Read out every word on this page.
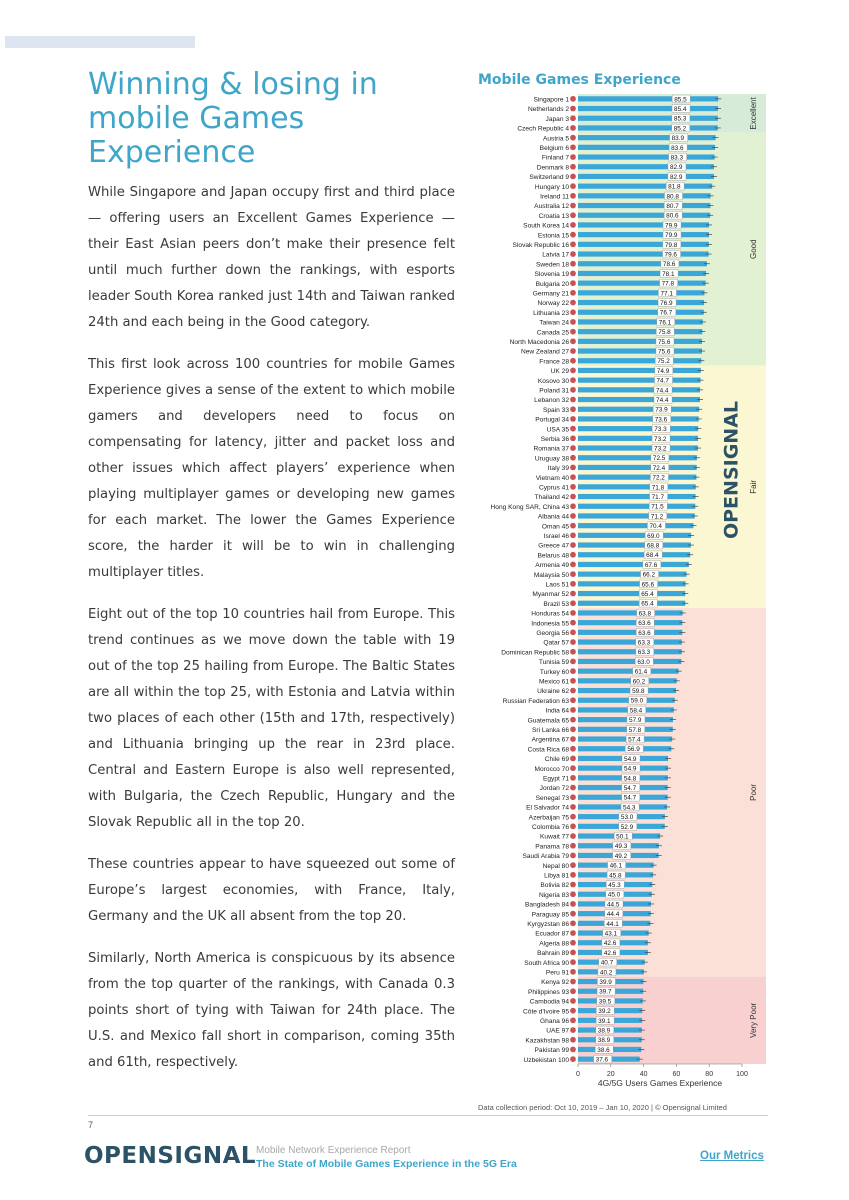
Winning & losing in mobile Games Experience

While Singapore and Japan occupy first and third place — offering users an Excellent Games Experience — their East Asian peers don’t make their presence felt until much further down the rankings, with esports leader South Korea ranked just 14th and Taiwan ranked 24th and each being in the Good category.

This first look across 100 countries for mobile Games Experience gives a sense of the extent to which mobile gamers and developers need to focus on compensating for latency, jitter and packet loss and other issues which affect players’ experience when playing multiplayer games or developing new games for each market. The lower the Games Experience score, the harder it will be to win in challenging multiplayer titles.

Eight out of the top 10 countries hail from Europe. This trend continues as we move down the table with 19 out of the top 25 hailing from Europe. The Baltic States are all within the top 25, with Estonia and Latvia within two places of each other (15th and 17th, respectively) and Lithuania bringing up the rear in 23rd place. Central and Eastern Europe is also well represented, with Bulgaria, the Czech Republic, Hungary and the Slovak Republic all in the top 20.

These countries appear to have squeezed out some of Europe’s largest economies, with France, Italy, Germany and the UK all absent from the top 20.

Similarly, North America is conspicuous by its absence from the top quarter of the rankings, with Canada 0.3 points short of tying with Taiwan for 24th place. The U.S. and Mexico fall short in comparison, coming 35th and 61th, respectively.

Mobile Games Experience
Excellent
Good
Fair
Poor
Very Poor
OPENSIGNAL
Singapore 1	85.5
Netherlands 2	85.4
Japan 3	85.3
Czech Republic 4	85.2
Austria 5	83.9
Belgium 6	83.6
Finland 7	83.3
Denmark 8	82.9
Switzerland 9	82.9
Hungary 10	81.8
Ireland 11	80.8
Australia 12	80.7
Croatia 13	80.6
South Korea 14	79.9
Estonia 15	79.9
Slovak Republic 16	79.8
Latvia 17	79.6
Sweden 18	78.6
Slovenia 19	78.1
Bulgaria 20	77.8
Germany 21	77.1
Norway 22	76.9
Lithuania 23	76.7
Taiwan 24	76.1
Canada 25	75.8
North Macedonia 26	75.6
New Zealand 27	75.6
France 28	75.2
UK 29	74.9
Kosovo 30	74.7
Poland 31	74.4
Lebanon 32	74.4
Spain 33	73.9
Portugal 34	73.6
USA 35	73.3
Serbia 36	73.2
Romania 37	73.2
Uruguay 38	72.5
Italy 39	72.4
Vietnam 40	72.2
Cyprus 41	71.8
Thailand 42	71.7
Hong Kong SAR, China 43	71.5
Albania 44	71.2
Oman 45	70.4
Israel 46	69.0
Greece 47	68.8
Belarus 48	68.4
Armenia 49	67.6
Malaysia 50	66.2
Laos 51	65.6
Myanmar 52	65.4
Brazil 53	65.4
Honduras 54	63.8
Indonesia 55	63.6
Georgia 56	63.6
Qatar 57	63.3
Dominican Republic 58	63.3
Tunisia 59	63.0
Turkey 60	61.4
Mexico 61	60.2
Ukraine 62	59.8
Russian Federation 63	59.0
India 64	58.4
Guatemala 65	57.9
Sri Lanka 66	57.8
Argentina 67	57.4
Costa Rica 68	56.9
Chile 69	54.9
Morocco 70	54.9
Egypt 71	54.8
Jordan 72	54.7
Senegal 73	54.7
El Salvador 74	54.3
Azerbaijan 75	53.0
Colombia 76	52.9
Kuwait 77	50.1
Panama 78	49.3
Saudi Arabia 79	49.2
Nepal 80	46.1
Libya 81	45.8
Bolivia 82	45.3
Nigeria 83	45.0
Bangladesh 84	44.5
Paraguay 85	44.4
Kyrgyzstan 86	44.1
Ecuador 87	43.1
Algeria 88	42.6
Bahrain 89	42.6
South Africa 90	40.7
Peru 91	40.2
Kenya 92	39.9
Philippines 93	39.7
Cambodia 94	39.5
Côte d'Ivoire 95	39.2
Ghana 96	39.1
UAE 97	38.9
Kazakhstan 98	38.9
Pakistan 99	38.6
Uzbekistan 100	37.6
0	20	40	60	80	100
4G/5G Users Games Experience
Data collection period: Oct 10, 2019 – Jan 10, 2020 | © Opensignal Limited
7
OPENSIGNAL Mobile Network Experience Report
The State of Mobile Games Experience in the 5G Era
Our Metrics
